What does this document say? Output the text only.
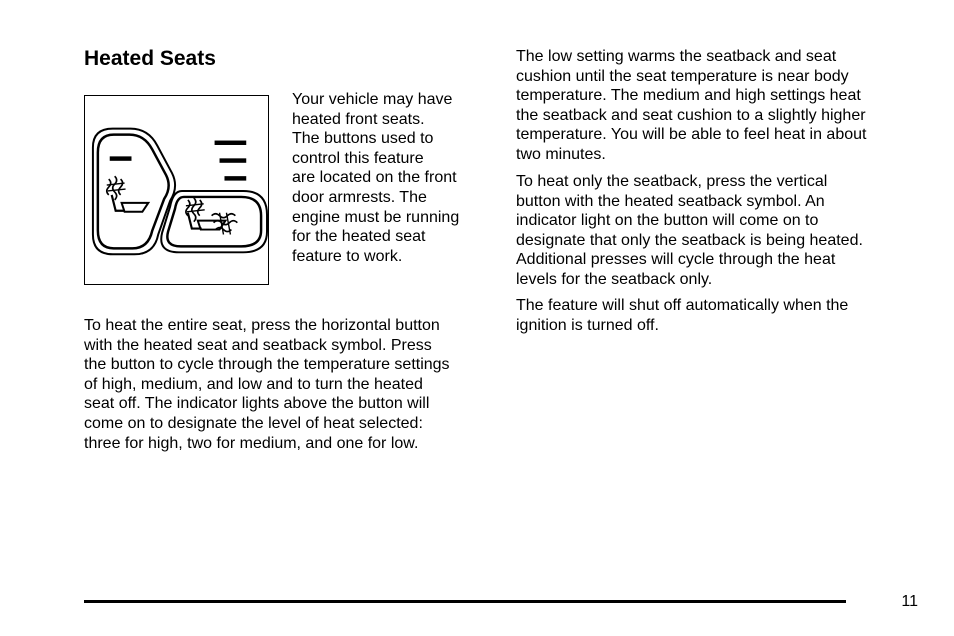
Heated Seats

Your vehicle may have
heated front seats.
The buttons used to
control this feature
are located on the front
door armrests. The
engine must be running
for the heated seat
feature to work.

To heat the entire seat, press the horizontal button
with the heated seat and seatback symbol. Press
the button to cycle through the temperature settings
of high, medium, and low and to turn the heated
seat off. The indicator lights above the button will
come on to designate the level of heat selected:
three for high, two for medium, and one for low.

The low setting warms the seatback and seat
cushion until the seat temperature is near body
temperature. The medium and high settings heat
the seatback and seat cushion to a slightly higher
temperature. You will be able to feel heat in about
two minutes.

To heat only the seatback, press the vertical
button with the heated seatback symbol. An
indicator light on the button will come on to
designate that only the seatback is being heated.
Additional presses will cycle through the heat
levels for the seatback only.

The feature will shut off automatically when the
ignition is turned off.

11
